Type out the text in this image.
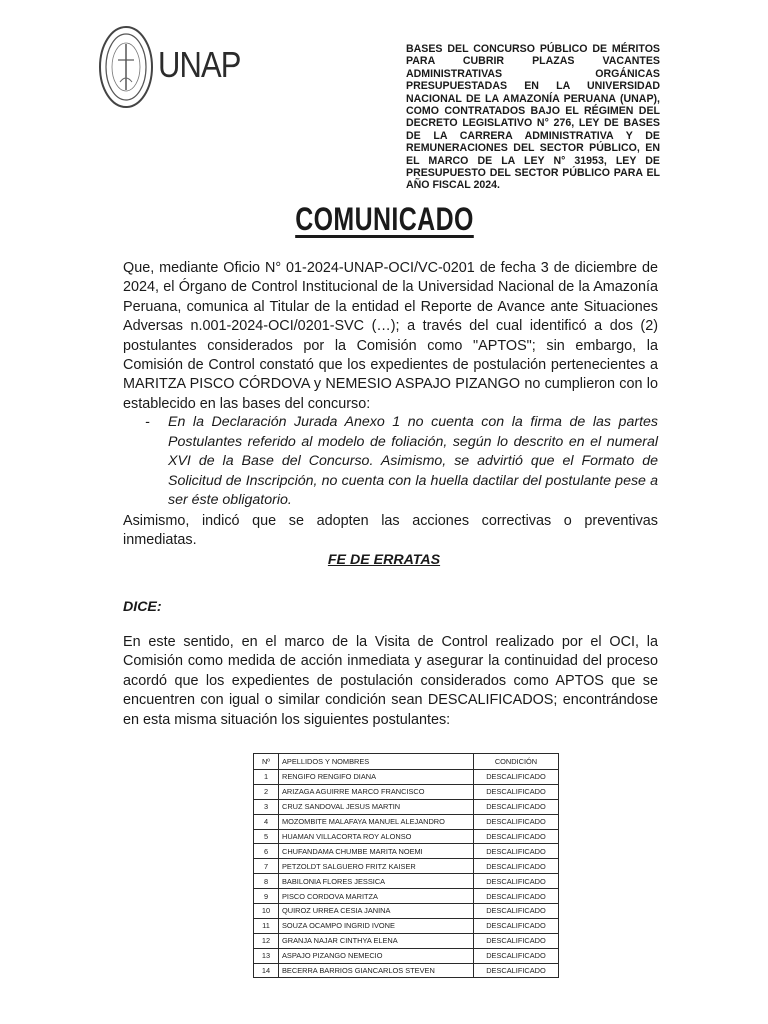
UNAP	BASES DEL CONCURSO PÚBLICO DE MÉRITOS PARA CUBRIR PLAZAS VACANTES ADMINISTRATIVAS ORGÁNICAS PRESUPUESTADAS EN LA UNIVERSIDAD NACIONAL DE LA AMAZONÍA PERUANA (UNAP), COMO CONTRATADOS BAJO EL RÉGIMEN DEL DECRETO LEGISLATIVO N° 276, LEY DE BASES DE LA CARRERA ADMINISTRATIVA Y DE REMUNERACIONES DEL SECTOR PÚBLICO, EN EL MARCO DE LA LEY N° 31953, LEY DE PRESUPUESTO DEL SECTOR PÚBLICO PARA EL AÑO FISCAL 2024.
COMUNICADO
Que, mediante Oficio N° 01-2024-UNAP-OCI/VC-0201 de fecha 3 de diciembre de 2024, el Órgano de Control Institucional de la Universidad Nacional de la Amazonía Peruana, comunica al Titular de la entidad el Reporte de Avance ante Situaciones Adversas n.001-2024-OCI/0201-SVC (…); a través del cual identificó a dos (2) postulantes considerados por la Comisión como "APTOS"; sin embargo, la Comisión de Control constató que los expedientes de postulación pertenecientes a MARITZA PISCO CÓRDOVA y NEMESIO ASPAJO PIZANGO no cumplieron con lo establecido en las bases del concurso:
- En la Declaración Jurada Anexo 1 no cuenta con la firma de las partes Postulantes referido al modelo de foliación, según lo descrito en el numeral XVI de la Base del Concurso. Asimismo, se advirtió que el Formato de Solicitud de Inscripción, no cuenta con la huella dactilar del postulante pese a ser éste obligatorio.
Asimismo, indicó que se adopten las acciones correctivas o preventivas inmediatas.
FE DE ERRATAS
DICE:
En este sentido, en el marco de la Visita de Control realizado por el OCI, la Comisión como medida de acción inmediata y asegurar la continuidad del proceso acordó que los expedientes de postulación considerados como APTOS que se encuentren con igual o similar condición sean DESCALIFICADOS; encontrándose en esta misma situación los siguientes postulantes:
Nº	APELLIDOS Y NOMBRES	CONDICIÓN
1	RENGIFO RENGIFO DIANA	DESCALIFICADO
2	ARIZAGA AGUIRRE MARCO FRANCISCO	DESCALIFICADO
3	CRUZ SANDOVAL JESUS MARTIN	DESCALIFICADO
4	MOZOMBITE MALAFAYA MANUEL ALEJANDRO	DESCALIFICADO
5	HUAMAN VILLACORTA ROY ALONSO	DESCALIFICADO
6	CHUFANDAMA CHUMBE MARITA NOEMI	DESCALIFICADO
7	PETZOLDT SALGUERO FRITZ KAISER	DESCALIFICADO
8	BABILONIA FLORES JESSICA	DESCALIFICADO
9	PISCO CORDOVA MARITZA	DESCALIFICADO
10	QUIROZ URREA CESIA JANINA	DESCALIFICADO
11	SOUZA OCAMPO INGRID IVONE	DESCALIFICADO
12	GRANJA NAJAR CINTHYA ELENA	DESCALIFICADO
13	ASPAJO PIZANGO NEMECIO	DESCALIFICADO
14	BECERRA BARRIOS GIANCARLOS STEVEN	DESCALIFICADO
